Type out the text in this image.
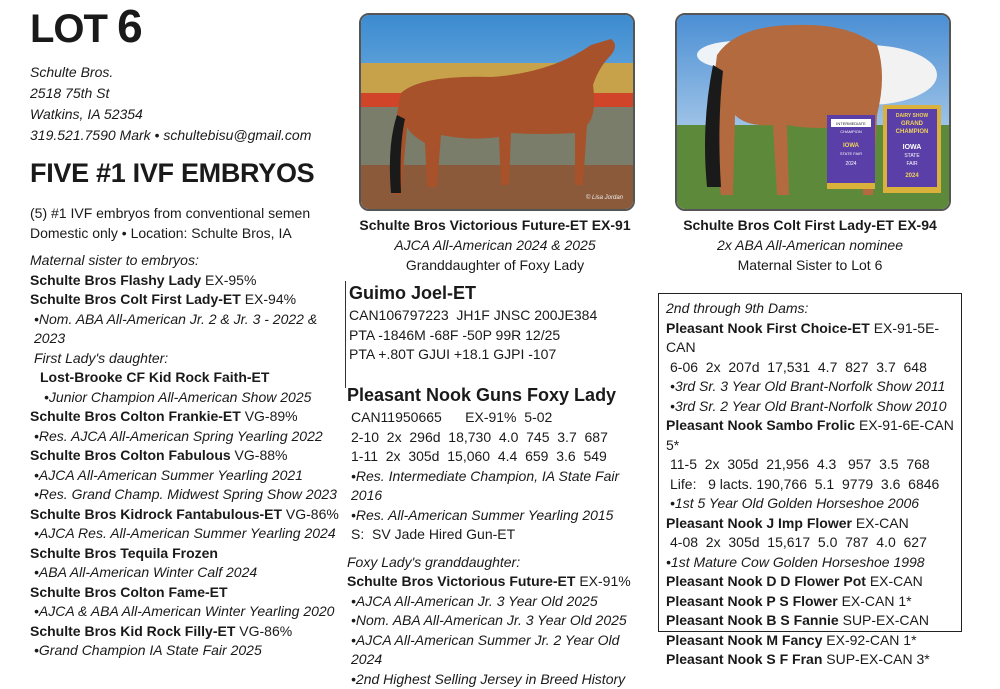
LOT 6
Schulte Bros.
2518 75th St
Watkins, IA 52354
319.521.7590 Mark • schultebisu@gmail.com
FIVE #1 IVF EMBRYOS
(5) #1 IVF embryos from conventional semen
Domestic only • Location: Schulte Bros, IA
Maternal sister to embryos:
Schulte Bros Flashy Lady EX-95%
Schulte Bros Colt First Lady-ET EX-94%
•Nom. ABA All-American Jr. 2 & Jr. 3 - 2022 & 2023
First Lady's daughter:
Lost-Brooke CF Kid Rock Faith-ET
•Junior Champion All-American Show 2025
Schulte Bros Colton Frankie-ET VG-89%
•Res. AJCA All-American Spring Yearling 2022
Schulte Bros Colton Fabulous VG-88%
•AJCA All-American Summer Yearling 2021
•Res. Grand Champ. Midwest Spring Show 2023
Schulte Bros Kidrock Fantabulous-ET VG-86%
•AJCA Res. All-American Summer Yearling 2024
Schulte Bros Tequila Frozen
•ABA All-American Winter Calf 2024
Schulte Bros Colton Fame-ET
•AJCA & ABA All-American Winter Yearling 2020
Schulte Bros Kid Rock Filly-ET VG-86%
•Grand Champion IA State Fair 2025
© Lisa Jordan
Schulte Bros Victorious Future-ET EX-91
AJCA All-American 2024 & 2025
Granddaughter of Foxy Lady
INTERMEDIATE
CHAMPION
IOWA
STATE FAIR
2024
DAIRY SHOW
GRAND
CHAMPION
IOWA
STATE
FAIR
2024
Schulte Bros Colt First Lady-ET EX-94
2x ABA All-American nominee
Maternal Sister to Lot 6
Guimo Joel-ET
CAN106797223  JH1F JNSC 200JE384
PTA -1846M -68F -50P 99R 12/25
PTA +.80T GJUI +18.1 GJPI -107
Pleasant Nook Guns Foxy Lady
CAN11950665      EX-91%  5-02
2-10  2x  296d  18,730  4.0  745  3.7  687
1-11  2x  305d  15,060  4.4  659  3.6  549
•Res. Intermediate Champion, IA State Fair 2016
•Res. All-American Summer Yearling 2015
S:  SV Jade Hired Gun-ET
Foxy Lady's granddaughter:
Schulte Bros Victorious Future-ET EX-91%
•AJCA All-American Jr. 3 Year Old 2025
•Nom. ABA All-American Jr. 3 Year Old 2025
•AJCA All-American Summer Jr. 2 Year Old 2024
•2nd Highest Selling Jersey in Breed History
2nd through 9th Dams:
Pleasant Nook First Choice-ET EX-91-5E-CAN
6-06  2x  207d  17,531  4.7  827  3.7  648
•3rd Sr. 3 Year Old Brant-Norfolk Show 2011
•3rd Sr. 2 Year Old Brant-Norfolk Show 2010
Pleasant Nook Sambo Frolic EX-91-6E-CAN 5*
11-5  2x  305d  21,956  4.3   957  3.5  768
Life:   9 lacts. 190,766  5.1  9779  3.6  6846
•1st 5 Year Old Golden Horseshoe 2006
Pleasant Nook J Imp Flower EX-CAN
4-08  2x  305d  15,617  5.0  787  4.0  627
•1st Mature Cow Golden Horseshoe 1998
Pleasant Nook D D Flower Pot EX-CAN
Pleasant Nook P S Flower EX-CAN 1*
Pleasant Nook B S Fannie SUP-EX-CAN
Pleasant Nook M Fancy EX-92-CAN 1*
Pleasant Nook S F Fran SUP-EX-CAN 3*
